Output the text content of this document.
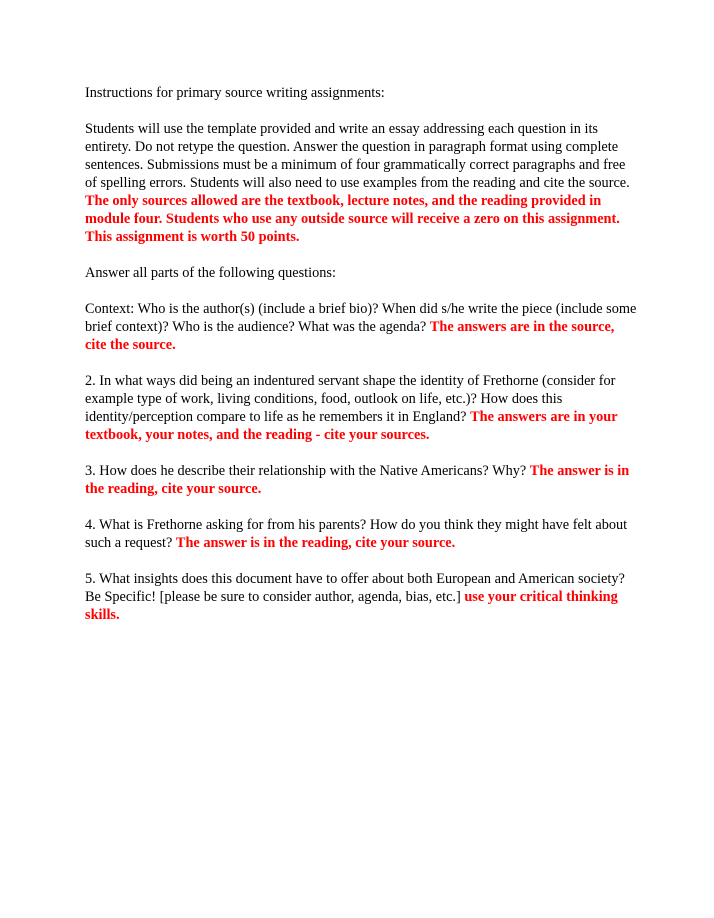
Instructions for primary source writing assignments:

Students will use the template provided and write an essay addressing each question in its entirety. Do not retype the question. Answer the question in paragraph format using complete sentences. Submissions must be a minimum of four grammatically correct paragraphs and free of spelling errors. Students will also need to use examples from the reading and cite the source. The only sources allowed are the textbook, lecture notes, and the reading provided in module four. Students who use any outside source will receive a zero on this assignment. This assignment is worth 50 points.

Answer all parts of the following questions:

Context: Who is the author(s) (include a brief bio)? When did s/he write the piece (include some brief context)? Who is the audience? What was the agenda? The answers are in the source, cite the source.

2. In what ways did being an indentured servant shape the identity of Frethorne (consider for example type of work, living conditions, food, outlook on life, etc.)? How does this identity/perception compare to life as he remembers it in England? The answers are in your textbook, your notes, and the reading - cite your sources.

3. How does he describe their relationship with the Native Americans? Why? The answer is in the reading, cite your source.

4. What is Frethorne asking for from his parents? How do you think they might have felt about such a request? The answer is in the reading, cite your source.

5. What insights does this document have to offer about both European and American society? Be Specific! [please be sure to consider author, agenda, bias, etc.] use your critical thinking skills.
